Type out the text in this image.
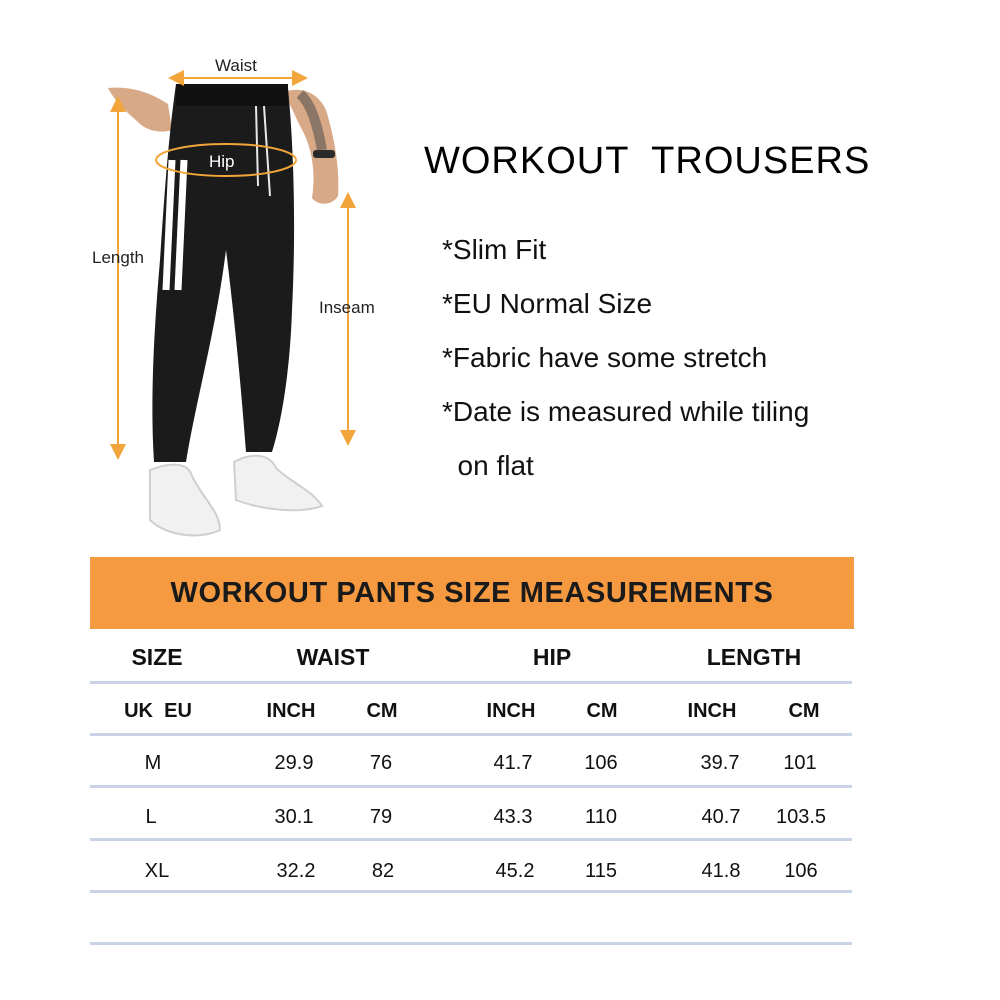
Waist
Hip
Length
Inseam
WORKOUT  TROUSERS
*Slim Fit
*EU Normal Size
*Fabric have some stretch
*Date is measured while tiling
on flat
WORKOUT PANTS SIZE MEASUREMENTS
SIZE	WAIST	HIP	LENGTH
UK  EU	INCH	CM	INCH	CM	INCH	CM
M	29.9	76	41.7	106	39.7 101
L	30.1	79	43.3	110	40.7 103.5
XL	32.2	82	45.2	115	41.8 106
